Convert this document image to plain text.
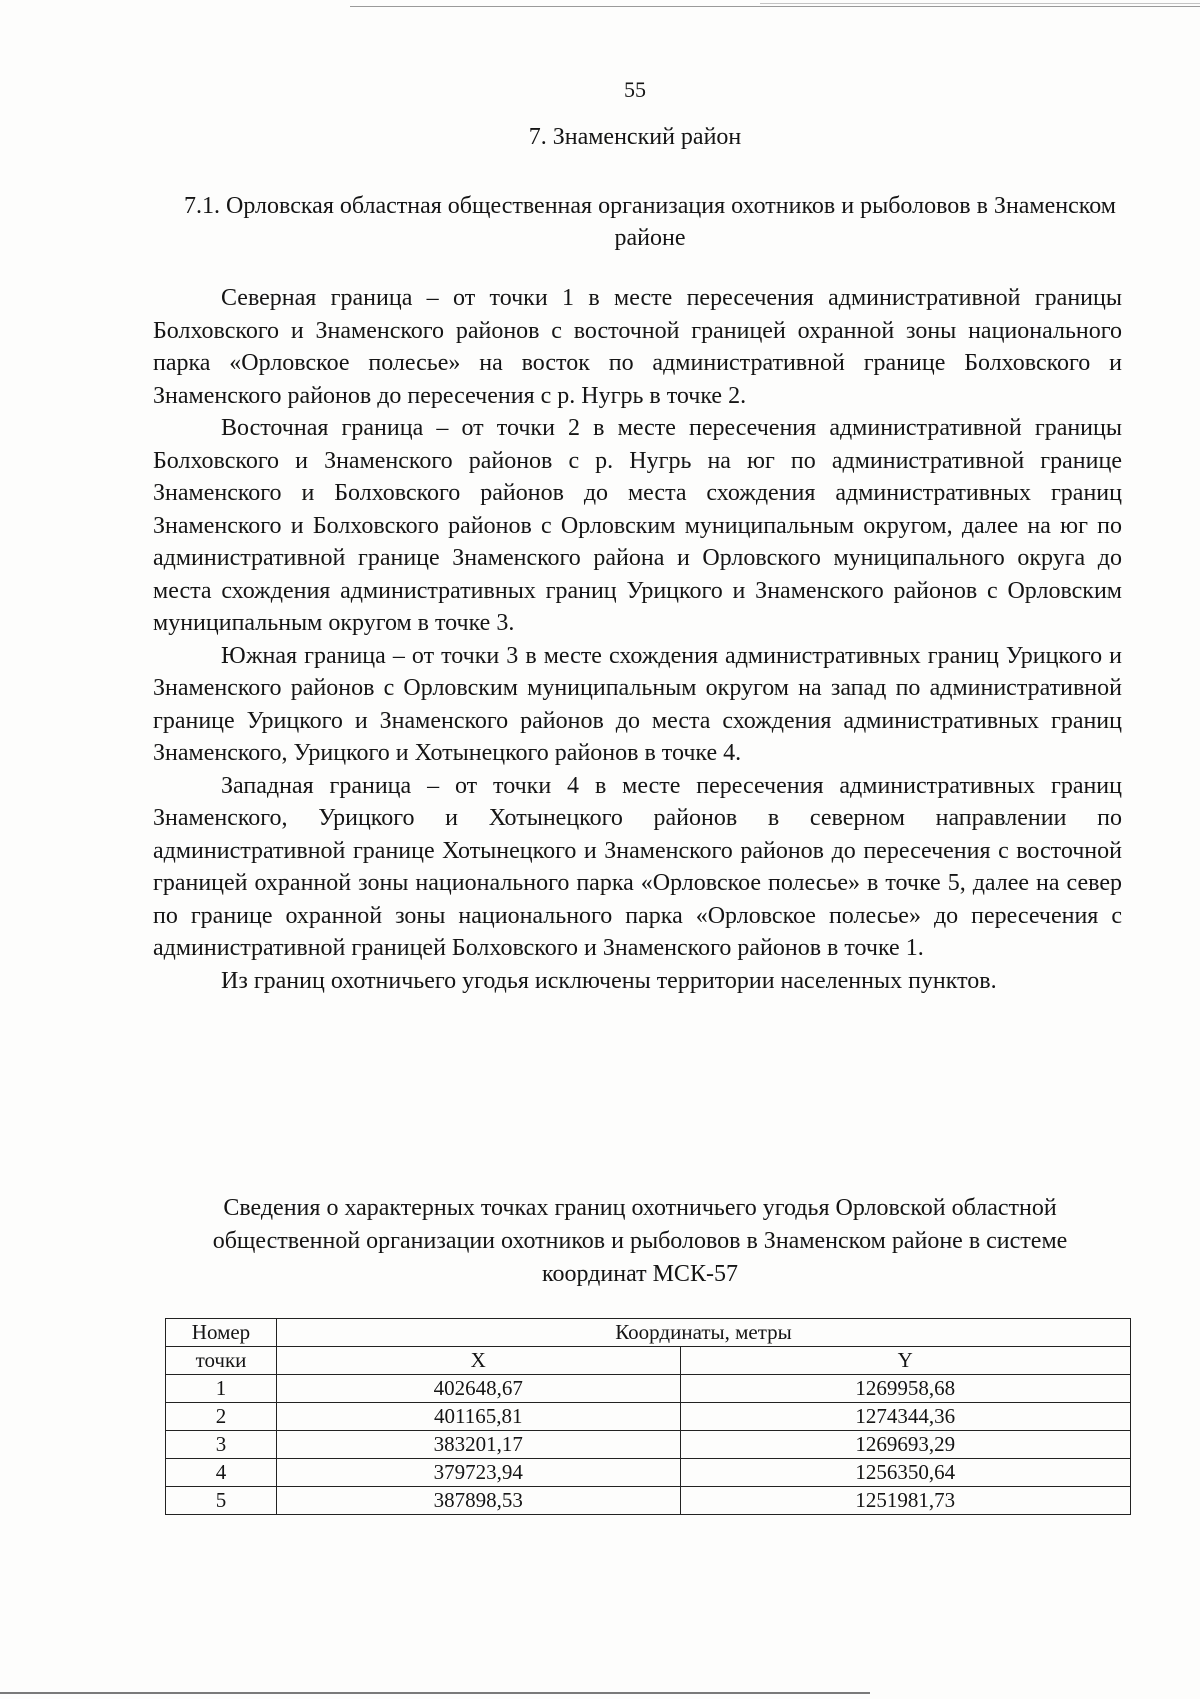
55
7. Знаменский район
7.1. Орловская областная общественная организация охотников и рыболовов в Знаменском районе

Северная граница – от точки 1 в месте пересечения административной границы Болховского и Знаменского районов с восточной границей охранной зоны национального парка «Орловское полесье» на восток по административной границе Болховского и Знаменского районов до пересечения с р. Нугрь в точке 2.

Восточная граница – от точки 2 в месте пересечения административной границы Болховского и Знаменского районов с р. Нугрь на юг по административной границе Знаменского и Болховского районов до места схождения административных границ Знаменского и Болховского районов с Орловским муниципальным округом, далее на юг по административной границе Знаменского района и Орловского муниципального округа до места схождения административных границ Урицкого и Знаменского районов с Орловским муниципальным округом в точке 3.

Южная граница – от точки 3 в месте схождения административных границ Урицкого и Знаменского районов с Орловским муниципальным округом на запад по административной границе Урицкого и Знаменского районов до места схождения административных границ Знаменского, Урицкого и Хотынецкого районов в точке 4.

Западная граница – от точки 4 в месте пересечения административных границ Знаменского, Урицкого и Хотынецкого районов в северном направлении по административной границе Хотынецкого и Знаменского районов до пересечения с восточной границей охранной зоны национального парка «Орловское полесье» в точке 5, далее на север по границе охранной зоны национального парка «Орловское полесье» до пересечения с административной границей Болховского и Знаменского районов в точке 1.

Из границ охотничьего угодья исключены территории населенных пунктов.

Сведения о характерных точках границ охотничьего угодья Орловской областной общественной организации охотников и рыболовов в Знаменском районе в системе координат МСК-57
Номер	Координаты, метры	
точки	X	Y
1	402648,67	1269958,68
2	401165,81	1274344,36
3	383201,17	1269693,29
4	379723,94	1256350,64
5	387898,53	1251981,73
